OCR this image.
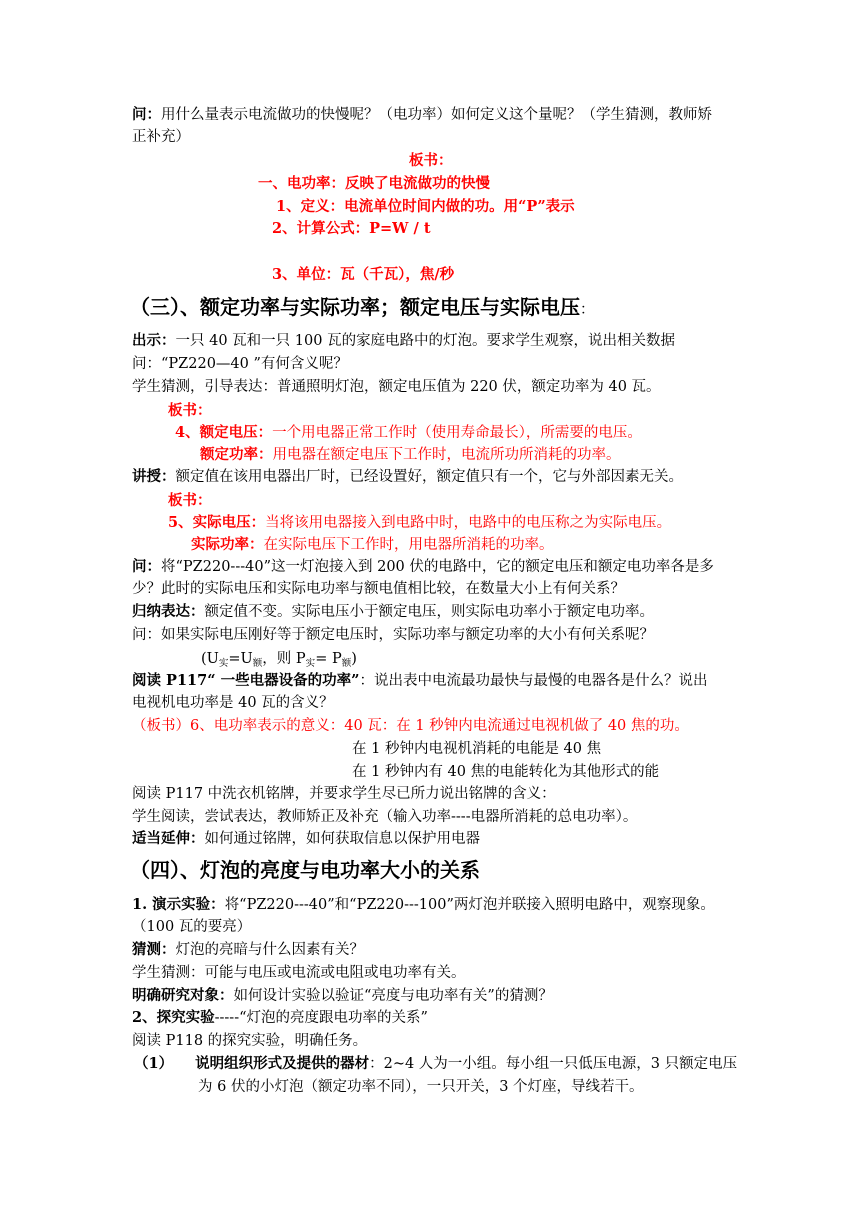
问：用什么量表示电流做功的快慢呢？（电功率）如何定义这个量呢？（学生猜测，教师矫
正补充）
板书：
一、电功率：反映了电流做功的快慢
1、定义：电流单位时间内做的功。用“P”表示
2、计算公式：P=W / t
3、单位：瓦（千瓦），焦/秒
（三）、额定功率与实际功率；额定电压与实际电压：
出示：一只 40 瓦和一只 100 瓦的家庭电路中的灯泡。要求学生观察，说出相关数据
问：“PZ220—40 ”有何含义呢？
学生猜测，引导表达：普通照明灯泡，额定电压值为 220 伏，额定功率为 40 瓦。
板书：
4、额定电压：一个用电器正常工作时（使用寿命最长），所需要的电压。
额定功率：用电器在额定电压下工作时，电流所功所消耗的功率。
讲授：额定值在该用电器出厂时，已经设置好，额定值只有一个，它与外部因素无关。
板书：
5、实际电压：当将该用电器接入到电路中时，电路中的电压称之为实际电压。
实际功率：在实际电压下工作时，用电器所消耗的功率。
问：将“PZ220---40”这一灯泡接入到 200 伏的电路中，它的额定电压和额定电功率各是多
少？此时的实际电压和实际电功率与额电值相比较，在数量大小上有何关系？
归纳表达：额定值不变。实际电压小于额定电压，则实际电功率小于额定电功率。
问：如果实际电压刚好等于额定电压时，实际功率与额定功率的大小有何关系呢？
($U_实=U_额$，则 $P_实= P_额$)
阅读 P117“ 一些电器设备的功率”：说出表中电流最功最快与最慢的电器各是什么？说出
电视机电功率是 40 瓦的含义？
（板书）6、电功率表示的意义：40 瓦：在 1 秒钟内电流通过电视机做了 40 焦的功。
在 1 秒钟内电视机消耗的电能是 40 焦
在 1 秒钟内有 40 焦的电能转化为其他形式的能
阅读 P117 中洗衣机铭牌，并要求学生尽已所力说出铭牌的含义：
学生阅读，尝试表达，教师矫正及补充（输入功率----电器所消耗的总电功率）。
适当延伸：如何通过铭牌，如何获取信息以保护用电器
（四）、灯泡的亮度与电功率大小的关系
1. 演示实验：将“PZ220---40”和“PZ220---100”两灯泡并联接入照明电路中，观察现象。
（100 瓦的要亮）
猜测：灯泡的亮暗与什么因素有关？
学生猜测：可能与电压或电流或电阻或电功率有关。
明确研究对象：如何设计实验以验证“亮度与电功率有关”的猜测？
2、探究实验-----“灯泡的亮度跟电功率的关系”
阅读 P118 的探究实验，明确任务。
（1） 说明组织形式及提供的器材：2~4 人为一小组。每小组一只低压电源，3 只额定电压
为 6 伏的小灯泡（额定功率不同），一只开关，3 个灯座，导线若干。
